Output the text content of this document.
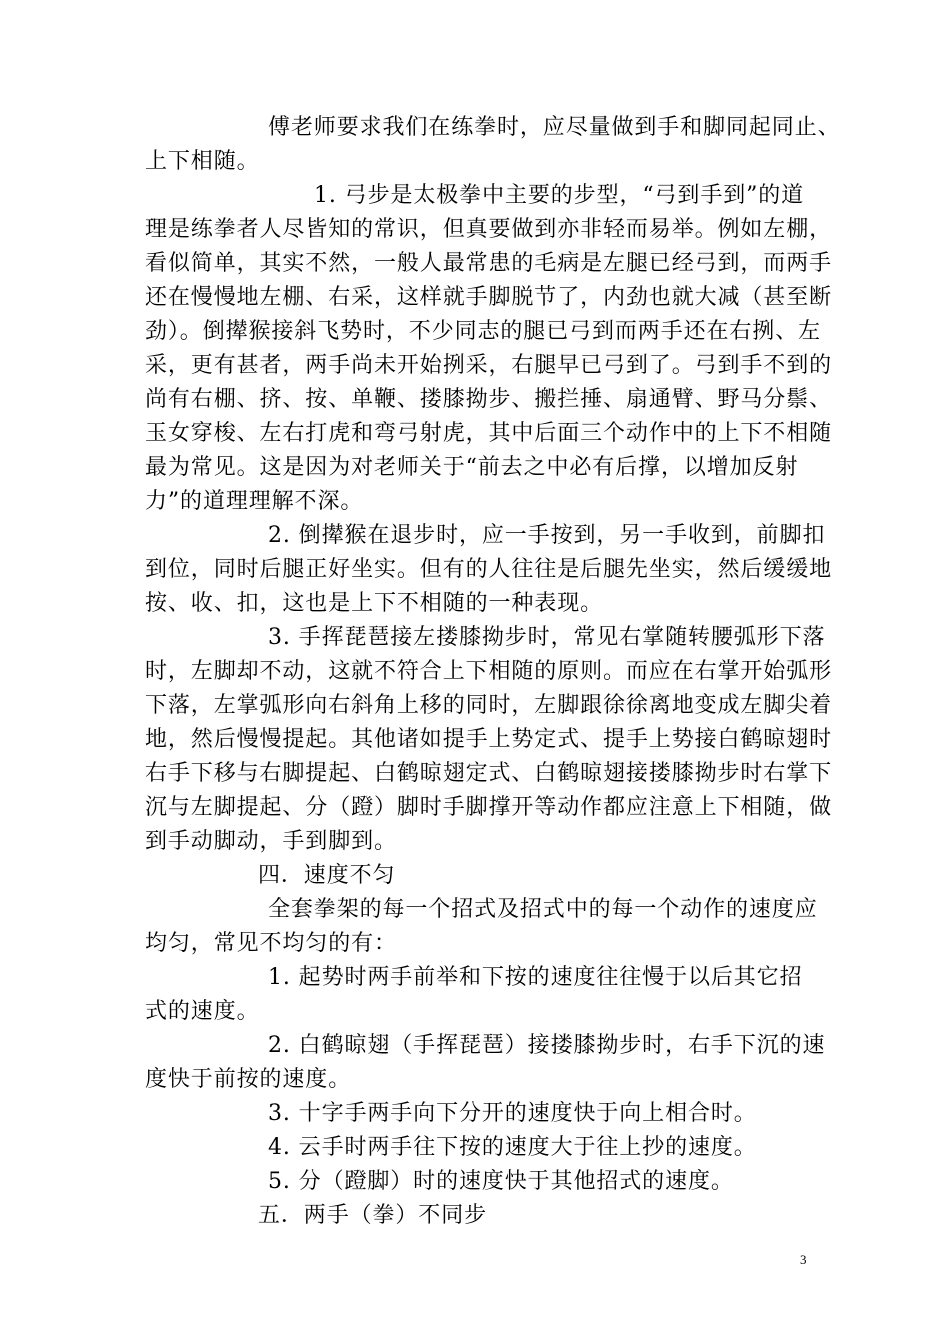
傅老师要求我们在练拳时，应尽量做到手和脚同起同止、
上下相随。
1. 弓步是太极拳中主要的步型，“弓到手到”的道
理是练拳者人尽皆知的常识，但真要做到亦非轻而易举。例如左棚，
看似简单，其实不然，一般人最常患的毛病是左腿已经弓到，而两手
还在慢慢地左棚、右采，这样就手脚脱节了，内劲也就大减（甚至断
劲）。倒撵猴接斜飞势时，不少同志的腿已弓到而两手还在右挒、左
采，更有甚者，两手尚未开始挒采，右腿早已弓到了。弓到手不到的
尚有右棚、挤、按、单鞭、搂膝拗步、搬拦捶、扇通臂、野马分鬃、
玉女穿梭、左右打虎和弯弓射虎，其中后面三个动作中的上下不相随
最为常见。这是因为对老师关于“前去之中必有后撑，以增加反射
力”的道理理解不深。
2. 倒撵猴在退步时，应一手按到，另一手收到，前脚扣
到位，同时后腿正好坐实。但有的人往往是后腿先坐实，然后缓缓地
按、收、扣，这也是上下不相随的一种表现。
3. 手挥琵琶接左搂膝拗步时，常见右掌随转腰弧形下落
时，左脚却不动，这就不符合上下相随的原则。而应在右掌开始弧形
下落，左掌弧形向右斜角上移的同时，左脚跟徐徐离地变成左脚尖着
地，然后慢慢提起。其他诸如提手上势定式、提手上势接白鹤晾翅时
右手下移与右脚提起、白鹤晾翅定式、白鹤晾翅接搂膝拗步时右掌下
沉与左脚提起、分（蹬）脚时手脚撑开等动作都应注意上下相随，做
到手动脚动，手到脚到。
四．速度不匀
全套拳架的每一个招式及招式中的每一个动作的速度应
均匀，常见不均匀的有：
1. 起势时两手前举和下按的速度往往慢于以后其它招
式的速度。
2. 白鹤晾翅（手挥琵琶）接搂膝拗步时，右手下沉的速
度快于前按的速度。
3. 十字手两手向下分开的速度快于向上相合时。
4. 云手时两手往下按的速度大于往上抄的速度。
5. 分（蹬脚）时的速度快于其他招式的速度。
五．两手（拳）不同步
3
